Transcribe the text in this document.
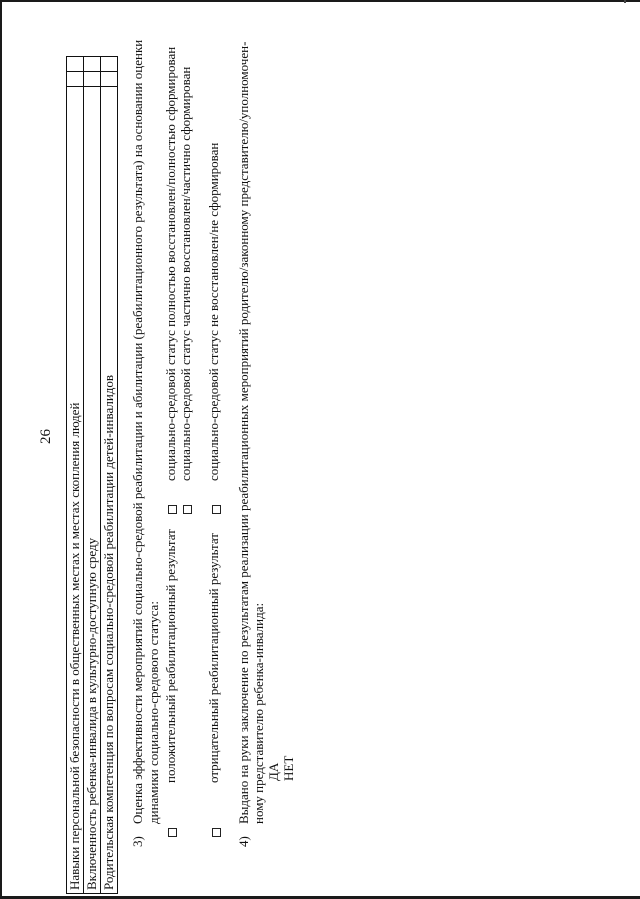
26 Навыки персональной безопасности в общественных местах и местах скопления людей		
Включенность ребенка-инвалида в культурно-доступную среду		
Родительская компетенция по вопросам социально-средовой реабилитации детей-инвалидов		3)
Оценка эффективности мероприятий социально-средовой реабилитации и абилитации (реабилитационного результата) на основании оценки динамики социально-средового статуса: положительный реабилитационный результат
социально-средовой статус полностью восстановлен/полностью сформирован социально-средовой статус частично восстановлен/частично сформирован
отрицательный реабилитационный результат
социально-средовой статус не восстановлен/не сформирован
4)
Выдано на руки заключение по результатам реализации реабилитационных мероприятий родителю/законному представителю/уполномочен- ному представителю ребенка-инвалида: ДА НЕТ
